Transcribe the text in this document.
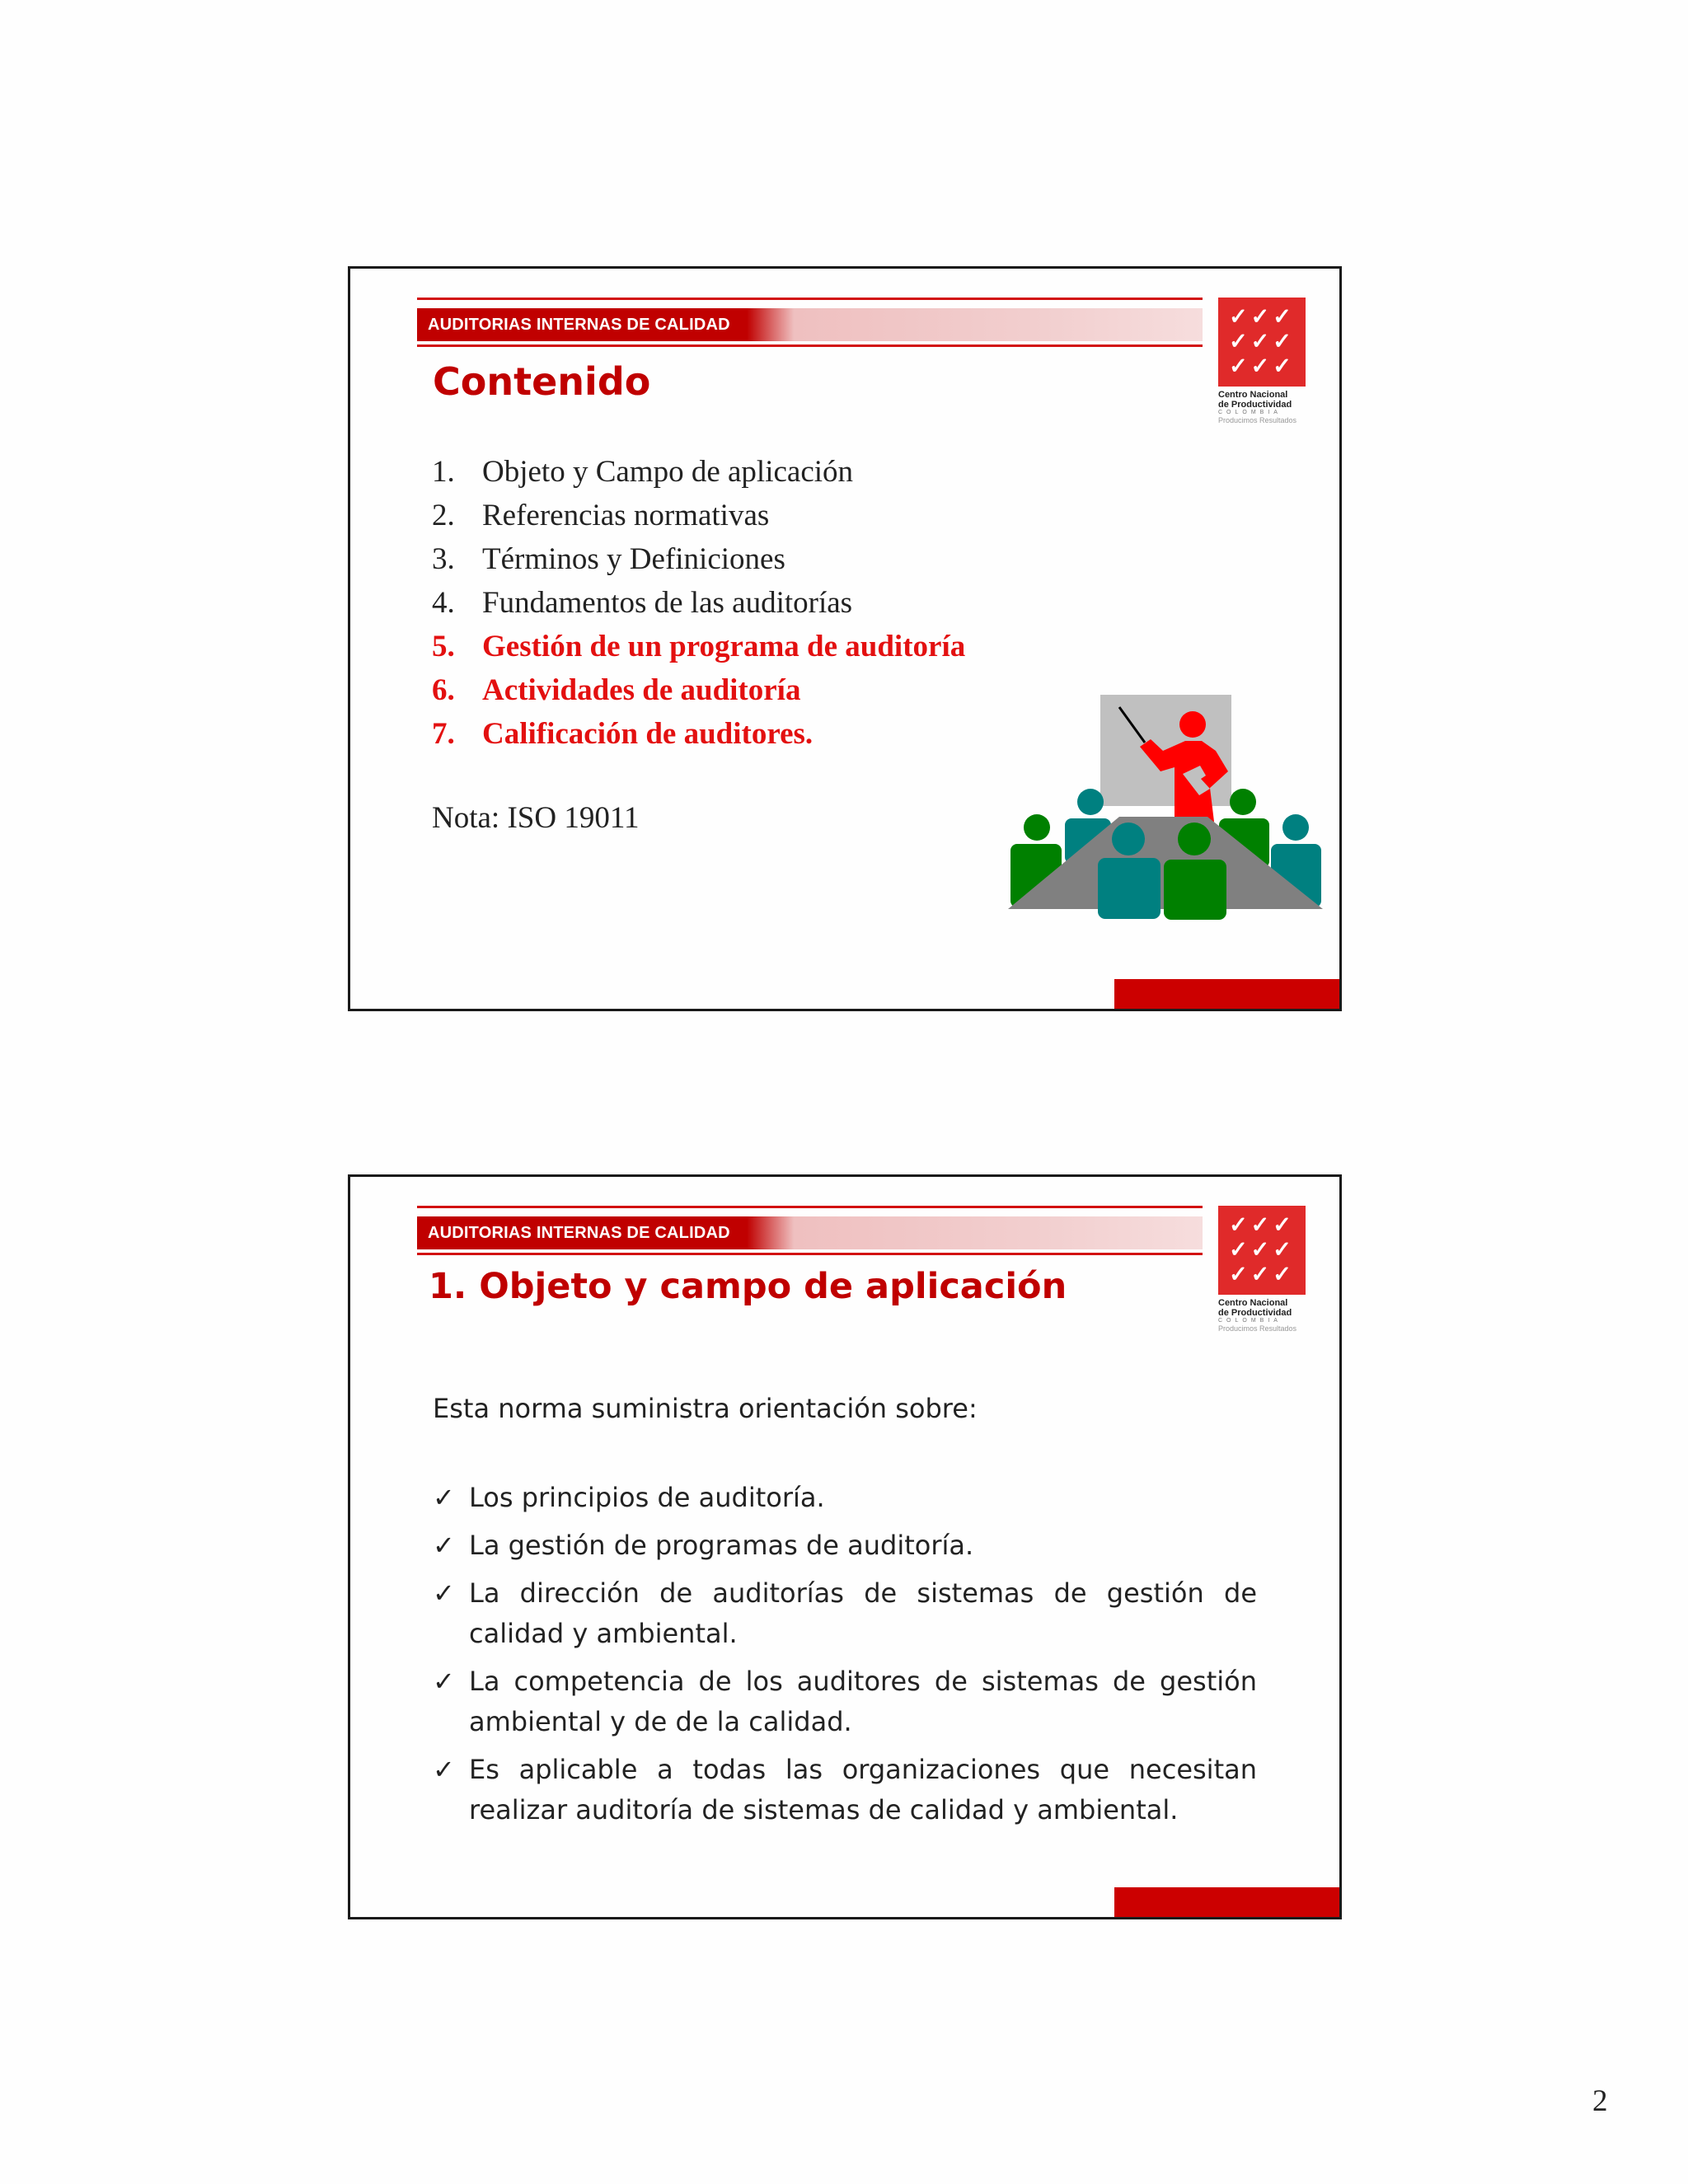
AUDITORIAS INTERNAS DE CALIDAD	✓✓✓
✓✓✓
✓✓✓
Centro Nacional
de Productividad
COLOMBIA
Producimos Resultados
Contenido
1. Objeto y Campo de aplicación
2. Referencias normativas
3. Términos y Definiciones
4. Fundamentos de las auditorías
5. Gestión de un programa de auditoría
6. Actividades de auditoría
7. Calificación de auditores.
Nota: ISO 19011
AUDITORIAS INTERNAS DE CALIDAD	✓✓✓
✓✓✓
✓✓✓
Centro Nacional
de Productividad
COLOMBIA
Producimos Resultados
1. Objeto y campo de aplicación
Esta norma suministra orientación sobre:
✓ Los principios de auditoría.
✓ La gestión de programas de auditoría.
✓ La dirección de auditorías de sistemas de gestión de calidad y ambiental.
✓ La competencia de los auditores de sistemas de gestión ambiental y de de la calidad.
✓ Es aplicable a todas las organizaciones que necesitan realizar auditoría de sistemas de calidad y ambiental.
2
